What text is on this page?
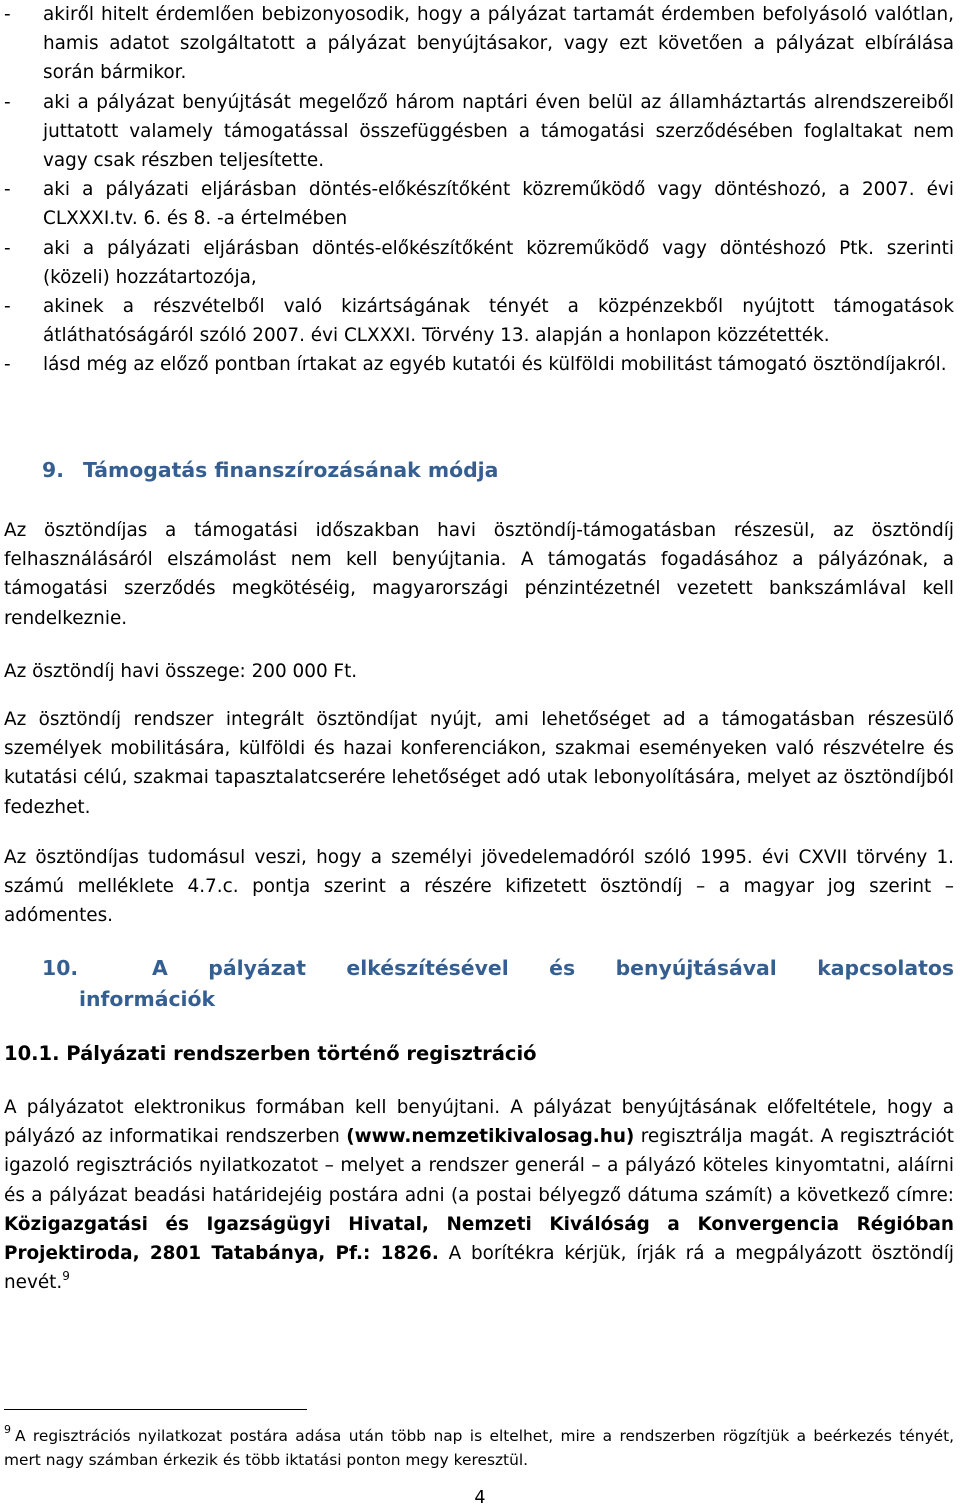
-	akiről hitelt érdemlően bebizonyosodik, hogy a pályázat tartamát érdemben befolyásoló valótlan, hamis adatot szolgáltatott a pályázat benyújtásakor, vagy ezt követően a pályázat elbírálása során bármikor.
-	aki a pályázat benyújtását megelőző három naptári éven belül az államháztartás alrendszereiből juttatott valamely támogatással összefüggésben a támogatási szerződésében foglaltakat nem vagy csak részben teljesítette.
-	aki a pályázati eljárásban döntés-előkészítőként közreműködő vagy döntéshozó, a 2007. évi CLXXXI.tv. 6. és 8. -a értelmében
-	aki a pályázati eljárásban döntés-előkészítőként közreműködő vagy döntéshozó Ptk. szerinti (közeli) hozzátartozója,
-	akinek a részvételből való kizártságának tényét a közpénzekből nyújtott támogatások átláthatóságáról szóló 2007. évi CLXXXI. Törvény 13. alapján a honlapon közzétették.
-	lásd még az előző pontban írtakat az egyéb kutatói és külföldi mobilitást támogató ösztöndíjakról.
9. Támogatás finanszírozásának módja
Az ösztöndíjas a támogatási időszakban havi ösztöndíj-támogatásban részesül, az ösztöndíj felhasználásáról elszámolást nem kell benyújtania. A támogatás fogadásához a pályázónak, a támogatási szerződés megkötéséig, magyarországi pénzintézetnél vezetett bankszámlával kell rendelkeznie.
Az ösztöndíj havi összege: 200 000 Ft.
Az ösztöndíj rendszer integrált ösztöndíjat nyújt, ami lehetőséget ad a támogatásban részesülő személyek mobilitására, külföldi és hazai konferenciákon, szakmai eseményeken való részvételre és kutatási célú, szakmai tapasztalatcserére lehetőséget adó utak lebonyolítására, melyet az ösztöndíjból fedezhet.
Az ösztöndíjas tudomásul veszi, hogy a személyi jövedelemadóról szóló 1995. évi CXVII törvény 1. számú melléklete 4.7.c. pontja szerint a részére kifizetett ösztöndíj – a magyar jog szerint – adómentes.
10.	A pályázat elkészítésével és benyújtásával kapcsolatos
információk
10.1. Pályázati rendszerben történő regisztráció
A pályázatot elektronikus formában kell benyújtani. A pályázat benyújtásának előfeltétele, hogy a pályázó az informatikai rendszerben (www.nemzetikivalosag.hu) regisztrálja magát. A regisztrációt igazoló regisztrációs nyilatkozatot – melyet a rendszer generál – a pályázó köteles kinyomtatni, aláírni és a pályázat beadási határidejéig postára adni (a postai bélyegző dátuma számít) a következő címre: Közigazgatási és Igazságügyi Hivatal, Nemzeti Kiválóság a Konvergencia Régióban Projektiroda, 2801 Tatabánya, Pf.: 1826. A borítékra kérjük, írják rá a megpályázott ösztöndíj nevét.$^9$
$^9$ A regisztrációs nyilatkozat postára adása után több nap is eltelhet, mire a rendszerben rögzítjük a beérkezés tényét, mert nagy számban érkezik és több iktatási ponton megy keresztül.
4
